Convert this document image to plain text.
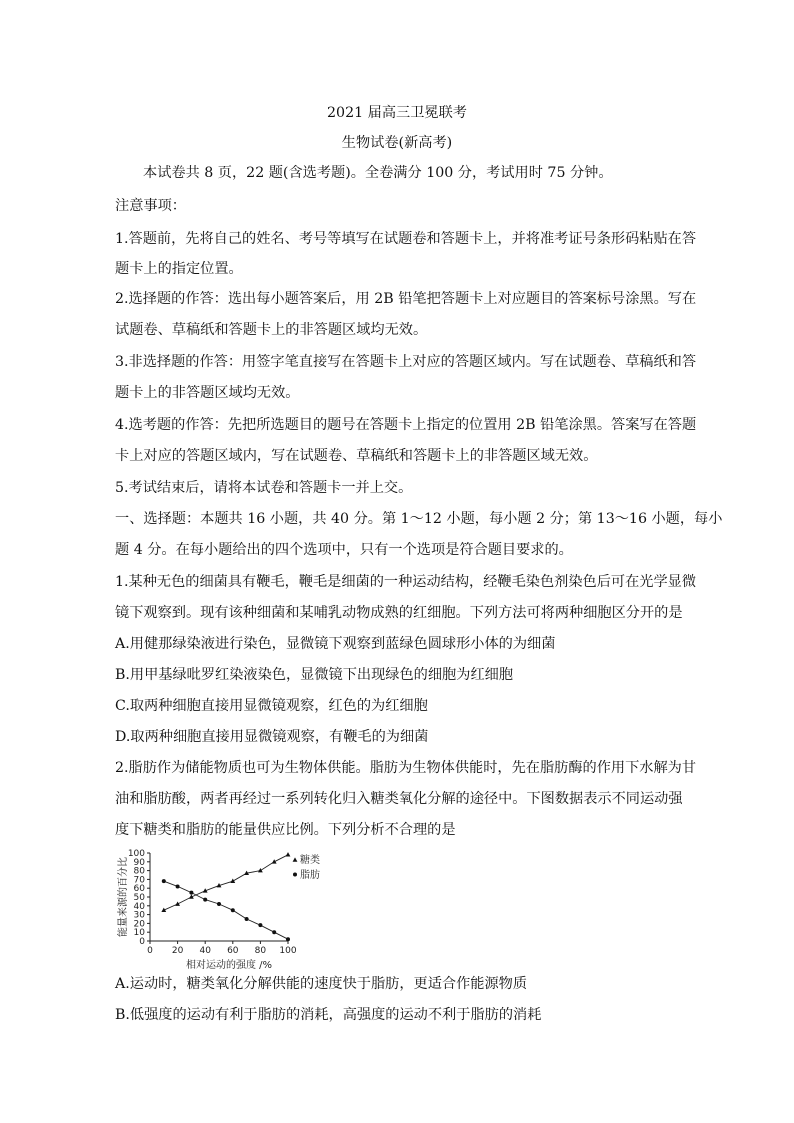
2021 届高三卫冕联考
生物试卷(新高考)
本试卷共 8 页，22 题(含选考题)。全卷满分 100 分，考试用时 75 分钟。
注意事项：
1.答题前，先将自己的姓名、考号等填写在试题卷和答题卡上，并将准考证号条形码粘贴在答
题卡上的指定位置。
2.选择题的作答：选出每小题答案后，用 2B 铅笔把答题卡上对应题目的答案标号涂黑。写在
试题卷、草稿纸和答题卡上的非答题区域均无效。
3.非选择题的作答：用签字笔直接写在答题卡上对应的答题区域内。写在试题卷、草稿纸和答
题卡上的非答题区域均无效。
4.选考题的作答：先把所选题目的题号在答题卡上指定的位置用 2B 铅笔涂黑。答案写在答题
卡上对应的答题区域内，写在试题卷、草稿纸和答题卡上的非答题区域无效。
5.考试结束后，请将本试卷和答题卡一并上交。
一、选择题：本题共 16 小题，共 40 分。第 1～12 小题，每小题 2 分；第 13～16 小题，每小
题 4 分。在每小题给出的四个选项中，只有一个选项是符合题目要求的。
1.某种无色的细菌具有鞭毛，鞭毛是细菌的一种运动结构，经鞭毛染色剂染色后可在光学显微
镜下观察到。现有该种细菌和某哺乳动物成熟的红细胞。下列方法可将两种细胞区分开的是
A.用健那绿染液进行染色，显微镜下观察到蓝绿色圆球形小体的为细菌
B.用甲基绿吡罗红染液染色，显微镜下出现绿色的细胞为红细胞
C.取两种细胞直接用显微镜观察，红色的为红细胞
D.取两种细胞直接用显微镜观察，有鞭毛的为细菌
2.脂肪作为储能物质也可为生物体供能。脂肪为生物体供能时，先在脂肪酶的作用下水解为甘
油和脂肪酸，两者再经过一系列转化归入糖类氧化分解的途径中。下图数据表示不同运动强
度下糖类和脂肪的能量供应比例。下列分析不合理的是
0 20 40 60 80 100
0
10
20
30
40
50
60
70
80
90
100
相对运动的强度 /%
能量来源的百分比	糖类
脂肪
A.运动时，糖类氧化分解供能的速度快于脂肪，更适合作能源物质
B.低强度的运动有利于脂肪的消耗，高强度的运动不利于脂肪的消耗
